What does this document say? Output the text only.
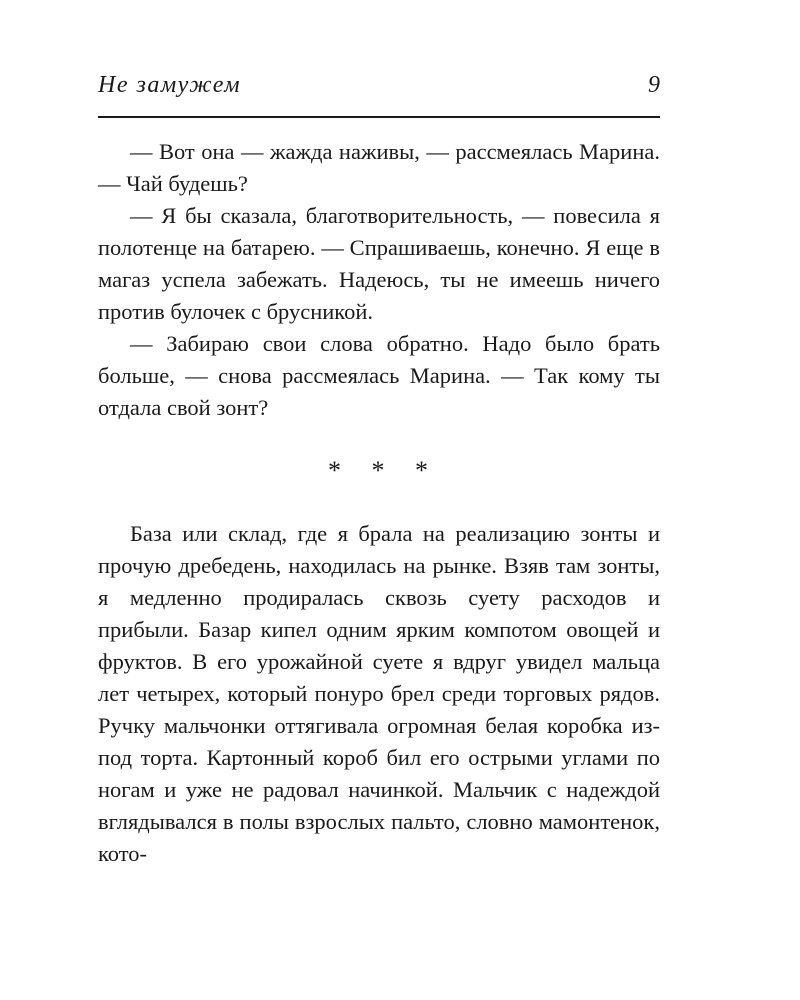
Не замужем	9

— Вот она — жажда наживы, — рассмеялась Марина. — Чай будешь?

— Я бы сказала, благотворительность, — повесила я полотенце на батарею. — Спрашиваешь, конечно. Я еще в магаз успела забежать. Надеюсь, ты не имеешь ничего против булочек с брусникой.

— Забираю свои слова обратно. Надо было брать больше, — снова рассмеялась Марина. — Так кому ты отдала свой зонт?

* * *

База или склад, где я брала на реализацию зонты и прочую дребедень, находилась на рынке. Взяв там зонты, я медленно продиралась сквозь суету расходов и прибыли. Базар кипел одним ярким компотом овощей и фруктов. В его урожайной суете я вдруг увидел мальца лет четырех, который понуро брел среди торговых рядов. Ручку мальчонки оттягивала огромная белая коробка из-под торта. Картонный короб бил его острыми углами по ногам и уже не радовал начинкой. Мальчик с надеждой вглядывался в полы взрослых пальто, словно мамонтенок, кото-
